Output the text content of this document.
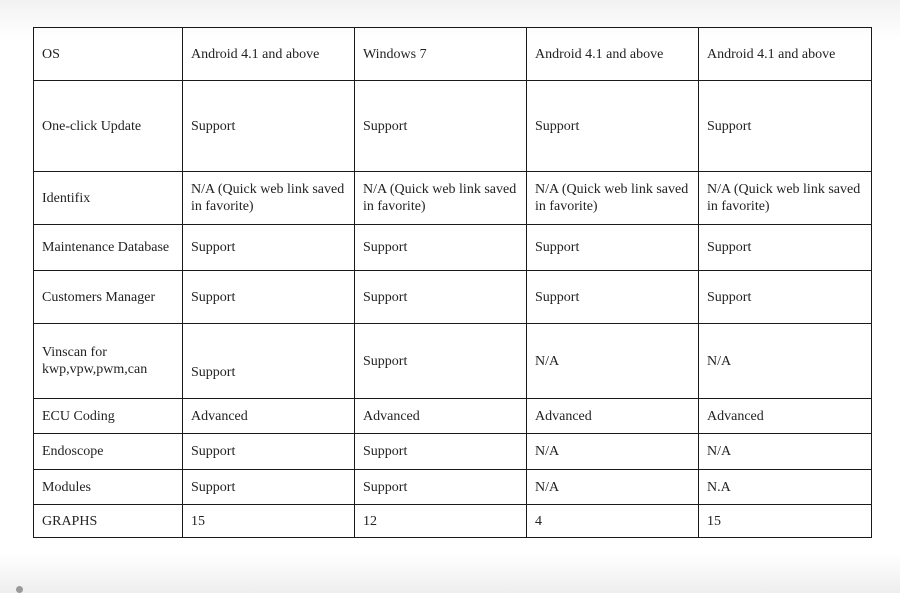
OS	Android 4.1 and above	Windows 7	Android 4.1 and above	Android 4.1 and above
One-click Update	Support	Support	Support	Support
Identifix	N/A (Quick web link saved in favorite)	N/A (Quick web link saved in favorite)	N/A (Quick web link saved in favorite)	N/A (Quick web link saved in favorite)
Maintenance Database	Support	Support	Support	Support
Customers Manager	Support	Support	Support	Support
Vinscan for kwp,vpw,pwm,can	Support	Support	N/A	N/A
ECU Coding	Advanced	Advanced	Advanced	Advanced
Endoscope	Support	Support	N/A	N/A
Modules	Support	Support	N/A	N.A
GRAPHS	15	12	4	15
